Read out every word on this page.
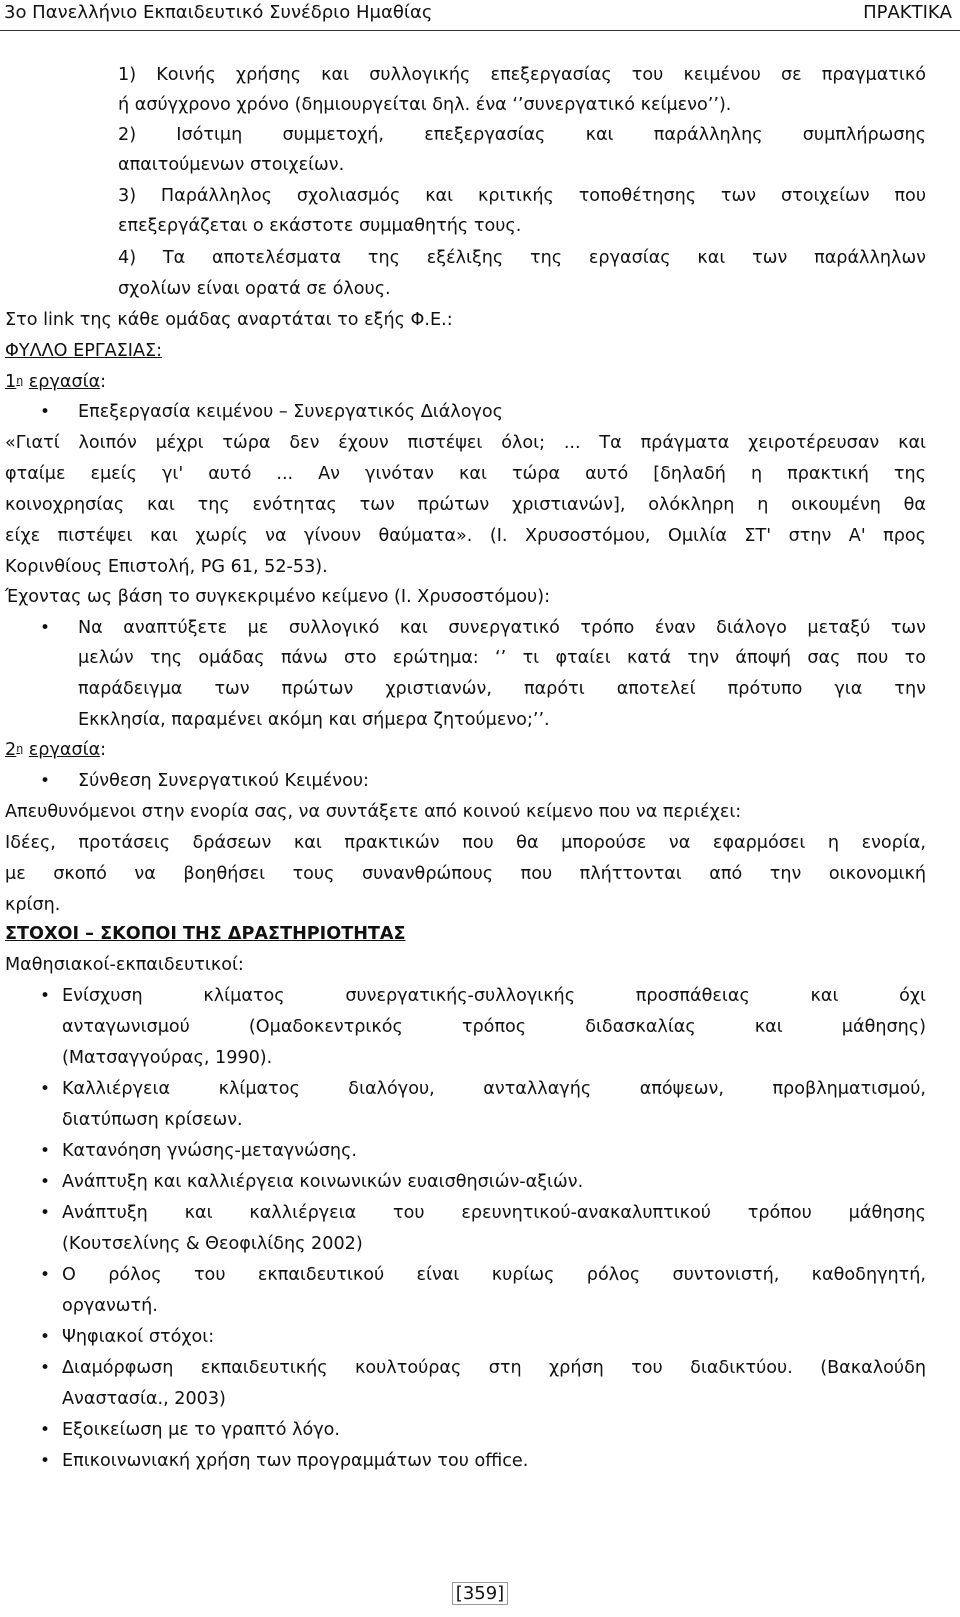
3ο Πανελλήνιο Εκπαιδευτικό Συνέδριο Ημαθίας	ΠΡΑΚΤΙΚΑ
1) Κοινής χρήσης και συλλογικής επεξεργασίας του κειμένου σε πραγματικό
ή ασύγχρονο χρόνο (δημιουργείται δηλ. ένα ‘’συνεργατικό κείμενο’’).
2) Ισότιμη συμμετοχή, επεξεργασίας και παράλληλης συμπλήρωσης
απαιτούμενων στοιχείων.
3) Παράλληλος σχολιασμός και κριτικής τοποθέτησης των στοιχείων που
επεξεργάζεται ο εκάστοτε συμμαθητής τους.
4) Τα αποτελέσματα της εξέλιξης της εργασίας και των παράλληλων
σχολίων είναι ορατά σε όλους.
Στο link της κάθε ομάδας αναρτάται το εξής Φ.Ε.:
ΦΥΛΛΟ ΕΡΓΑΣΙΑΣ:
$1^\eta$ εργασία:
• Επεξεργασία κειμένου – Συνεργατικός Διάλογος
«Γιατί λοιπόν μέχρι τώρα δεν έχουν πιστέψει όλοι; ... Τα πράγματα χειροτέρευσαν και
φταίμε εμείς γι' αυτό ... Αν γινόταν και τώρα αυτό [δηλαδή η πρακτική της
κοινοχρησίας και της ενότητας των πρώτων χριστιανών], ολόκληρη η οικουμένη θα
είχε πιστέψει και χωρίς να γίνουν θαύματα». (Ι. Χρυσοστόμου, Ομιλία ΣΤ' στην Α' προς
Κορινθίους Επιστολή, PG 61, 52-53).
Έχοντας ως βάση το συγκεκριμένο κείμενο (Ι. Χρυσοστόμου):
• Να αναπτύξετε με συλλογικό και συνεργατικό τρόπο έναν διάλογο μεταξύ των
μελών της ομάδας πάνω στο ερώτημα: ‘’ τι φταίει κατά την άποψή σας που το
παράδειγμα των πρώτων χριστιανών, παρότι αποτελεί πρότυπο για την
Εκκλησία, παραμένει ακόμη και σήμερα ζητούμενο;’’.
$2^\eta$ εργασία:
• Σύνθεση Συνεργατικού Κειμένου:
Απευθυνόμενοι στην ενορία σας, να συντάξετε από κοινού κείμενο που να περιέχει:
Ιδέες, προτάσεις δράσεων και πρακτικών που θα μπορούσε να εφαρμόσει η ενορία,
με σκοπό να βοηθήσει τους συνανθρώπους που πλήττονται από την οικονομική
κρίση.
ΣΤΟΧΟΙ – ΣΚΟΠΟΙ ΤΗΣ ΔΡΑΣΤΗΡΙΟΤΗΤΑΣ
Μαθησιακοί-εκπαιδευτικοί:
• Ενίσχυση κλίματος συνεργατικής-συλλογικής προσπάθειας και όχι
ανταγωνισμού (Ομαδοκεντρικός τρόπος διδασκαλίας και μάθησης)
(Ματσαγγούρας, 1990).
• Καλλιέργεια κλίματος διαλόγου, ανταλλαγής απόψεων, προβληματισμού,
διατύπωση κρίσεων.
• Κατανόηση γνώσης-μεταγνώσης.
• Ανάπτυξη και καλλιέργεια κοινωνικών ευαισθησιών-αξιών.
• Ανάπτυξη και καλλιέργεια του ερευνητικού-ανακαλυπτικού τρόπου μάθησης
(Κουτσελίνης & Θεοφιλίδης 2002)
• Ο ρόλος του εκπαιδευτικού είναι κυρίως ρόλος συντονιστή, καθοδηγητή,
οργανωτή.
• Ψηφιακοί στόχοι:
• Διαμόρφωση εκπαιδευτικής κουλτούρας στη χρήση του διαδικτύου. (Βακαλούδη
Αναστασία., 2003)
• Εξοικείωση με το γραπτό λόγο.
• Επικοινωνιακή χρήση των προγραμμάτων του office.
[359]
